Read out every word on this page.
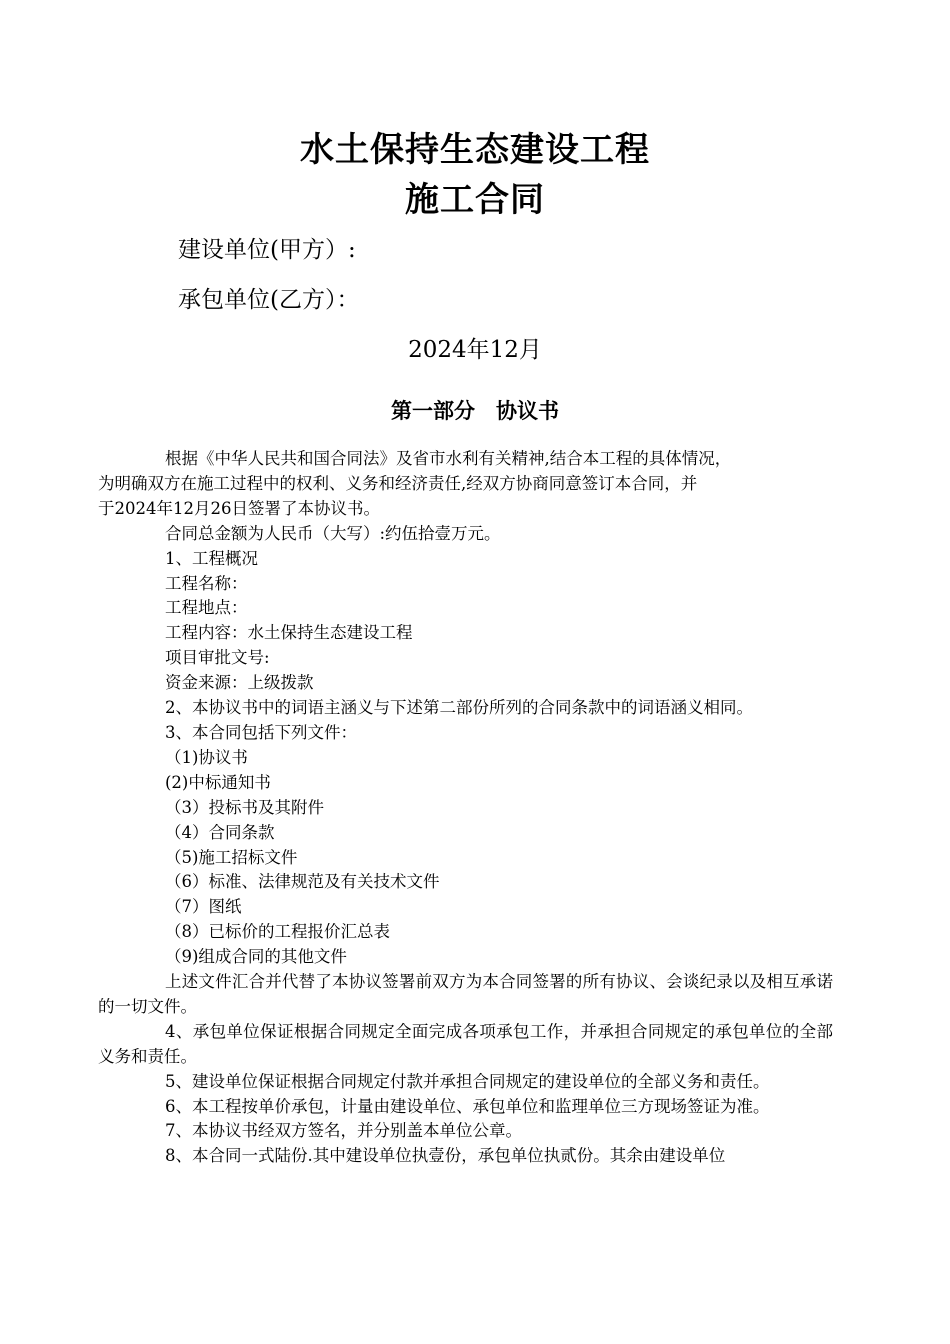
水土保持生态建设工程
施工合同
建设单位(甲方）:
承包单位(乙方）：
2024年12月
第一部分　协议书

根据《中华人民共和国合同法》及省市水利有关精神,结合本工程的具体情况，

为明确双方在施工过程中的权利、义务和经济责任,经双方协商同意签订本合同，并

于2024年12月26日签署了本协议书。

合同总金额为人民币（大写）:约伍拾壹万元。

1、工程概况

工程名称：

工程地点：

工程内容：水土保持生态建设工程

项目审批文号:

资金来源：上级拨款

2、本协议书中的词语主涵义与下述第二部份所列的合同条款中的词语涵义相同。

3、本合同包括下列文件：

（1)协议书

(2)中标通知书

（3）投标书及其附件

（4）合同条款

（5)施工招标文件

（6）标准、法律规范及有关技术文件

（7）图纸

（8）已标价的工程报价汇总表

（9)组成合同的其他文件

上述文件汇合并代替了本协议签署前双方为本合同签署的所有协议、会谈纪录以及相互承诺的一切文件。

4、承包单位保证根据合同规定全面完成各项承包工作，并承担合同规定的承包单位的全部义务和责任。

5、建设单位保证根据合同规定付款并承担合同规定的建设单位的全部义务和责任。

6、本工程按单价承包，计量由建设单位、承包单位和监理单位三方现场签证为准。

7、本协议书经双方签名，并分别盖本单位公章。

8、本合同一式陆份.其中建设单位执壹份，承包单位执贰份。其余由建设单位
